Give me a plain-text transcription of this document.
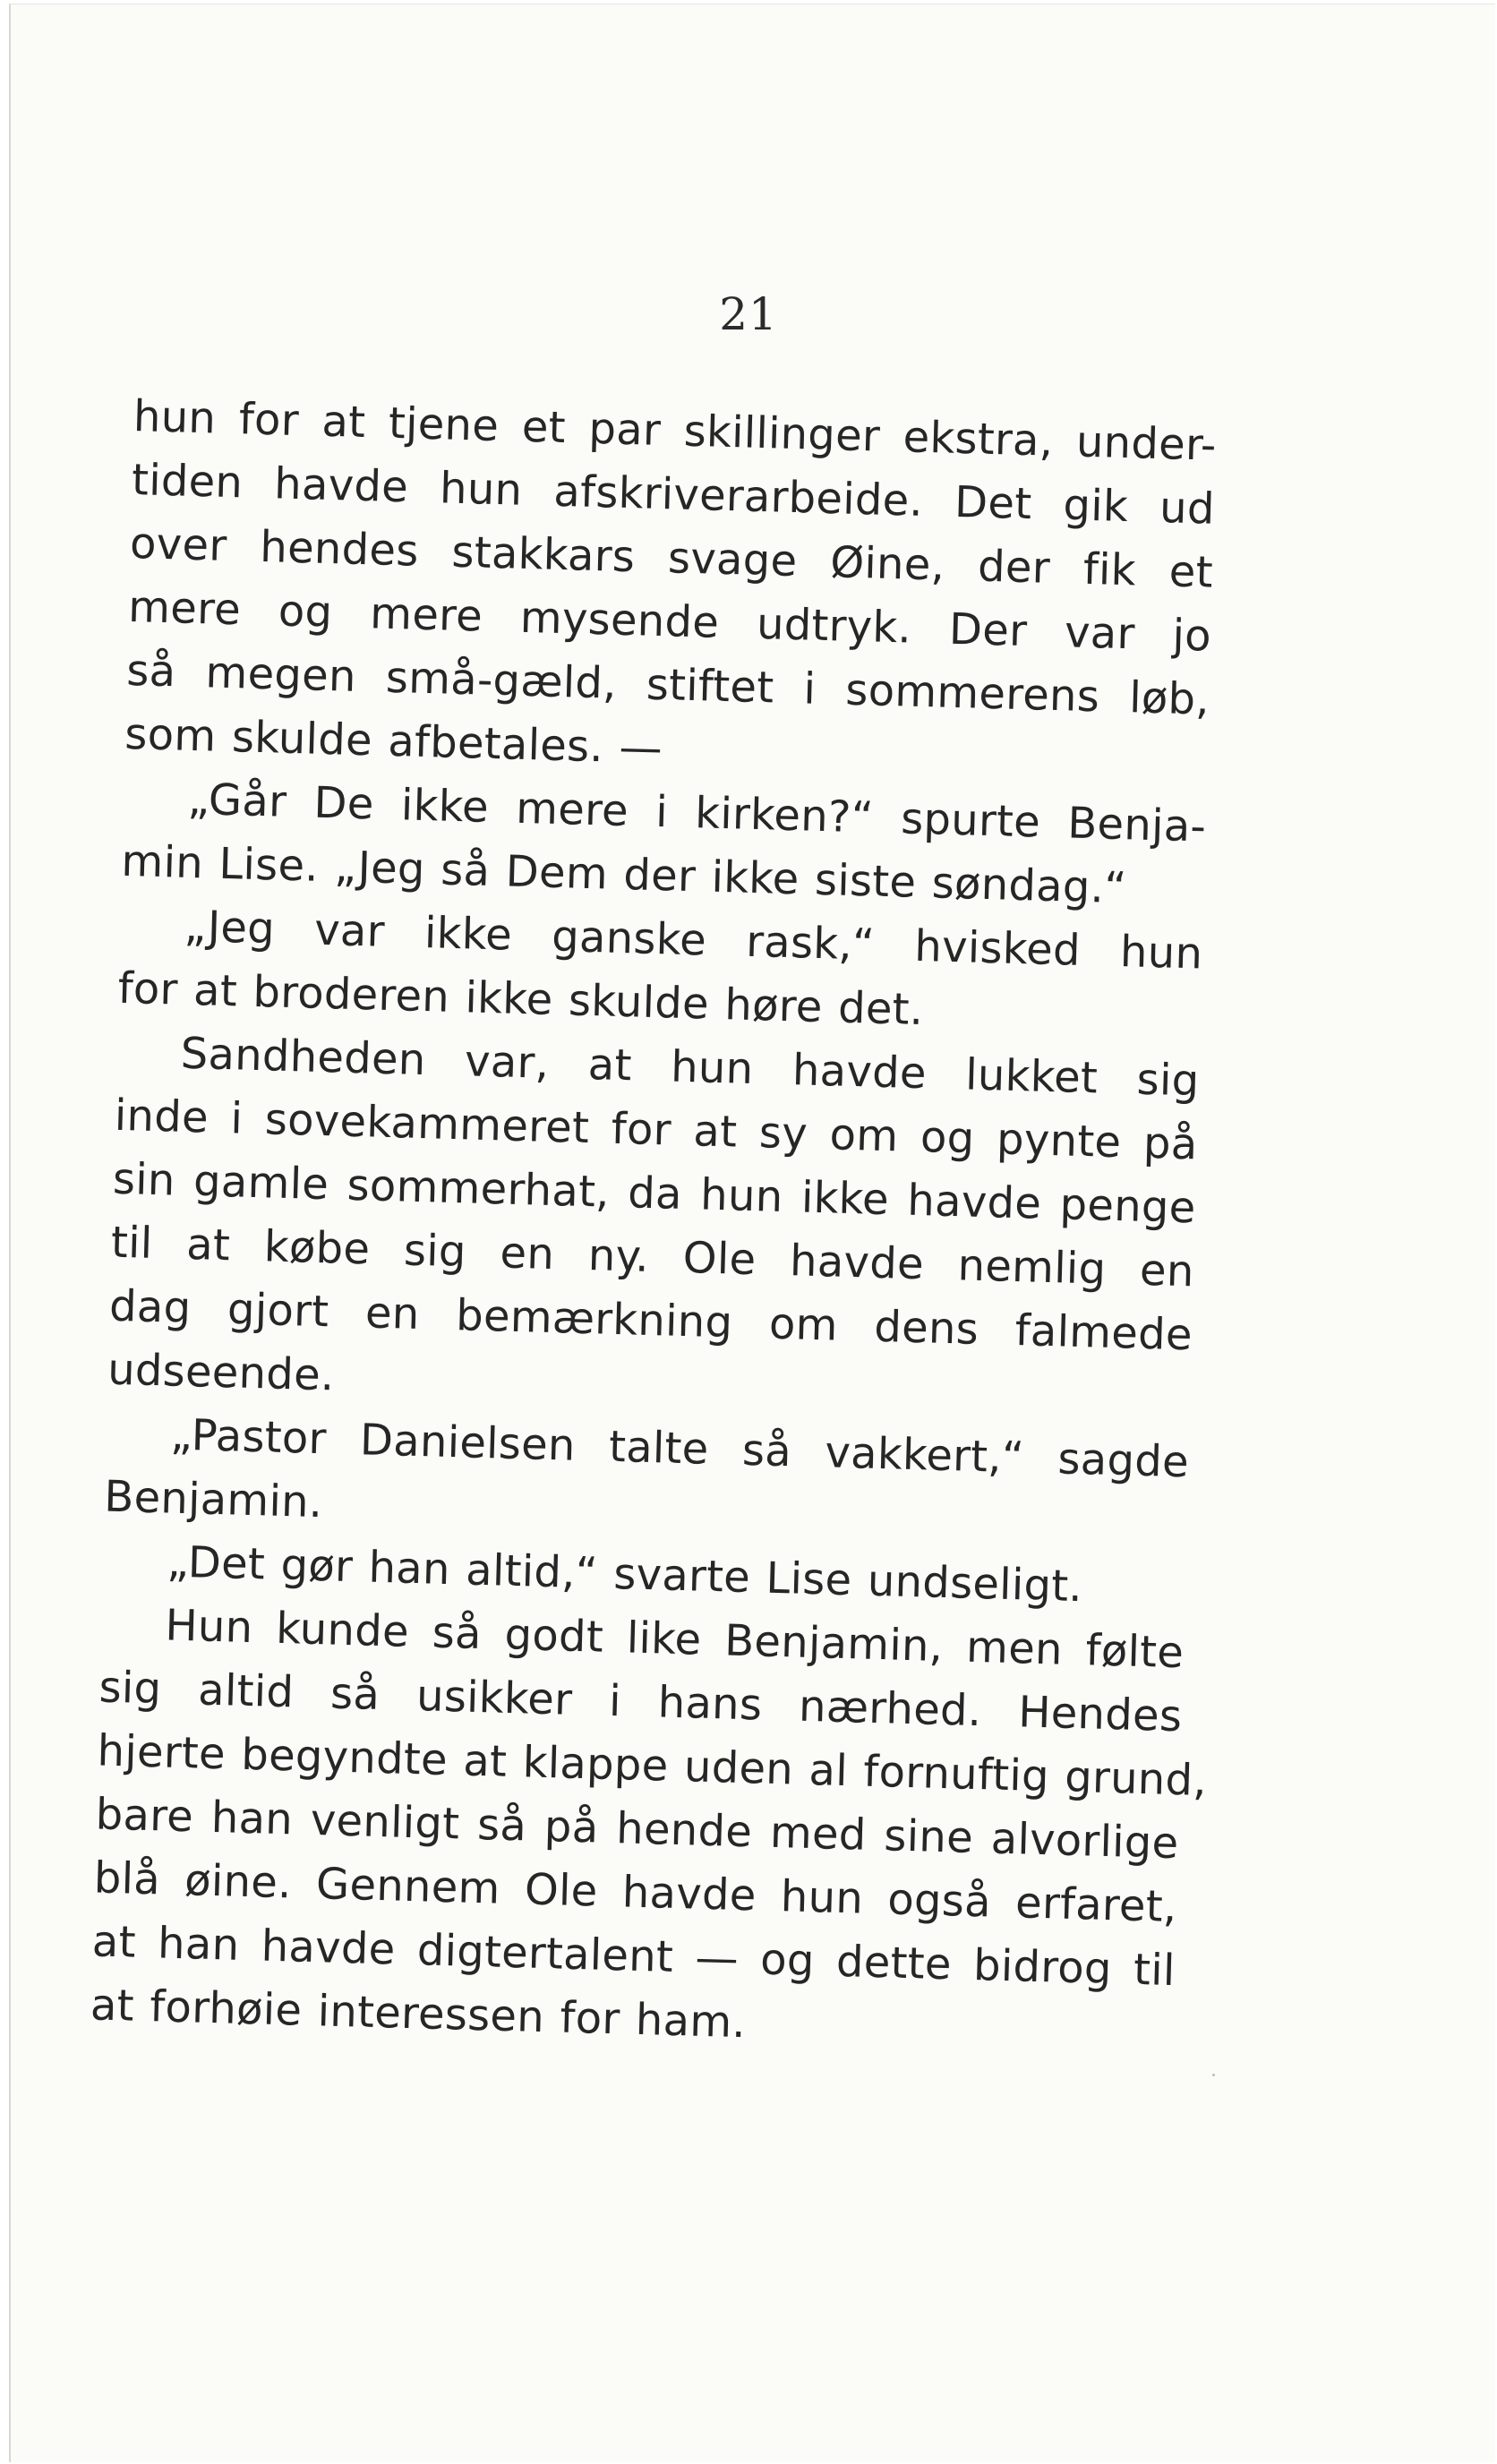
21
hun for at tjene et par skillinger ekstra, under-
tiden havde hun afskriverarbeide. Det gik ud
over hendes stakkars svage Øine, der fik et
mere og mere mysende udtryk. Der var jo
så megen små-gæld, stiftet i sommerens løb,
som skulde afbetales. —
„Går De ikke mere i kirken?“ spurte Benja-
min Lise. „Jeg så Dem der ikke siste søndag.“
„Jeg var ikke ganske rask,“ hvisked hun
for at broderen ikke skulde høre det.
Sandheden var, at hun havde lukket sig
inde i sovekammeret for at sy om og pynte på
sin gamle sommerhat, da hun ikke havde penge
til at købe sig en ny. Ole havde nemlig en
dag gjort en bemærkning om dens falmede
udseende.
„Pastor Danielsen talte så vakkert,“ sagde
Benjamin.
„Det gør han altid,“ svarte Lise undseligt.
Hun kunde så godt like Benjamin, men følte
sig altid så usikker i hans nærhed. Hendes
hjerte begyndte at klappe uden al fornuftig grund,
bare han venligt så på hende med sine alvorlige
blå øine. Gennem Ole havde hun også erfaret,
at han havde digtertalent — og dette bidrog til
at forhøie interessen for ham.
